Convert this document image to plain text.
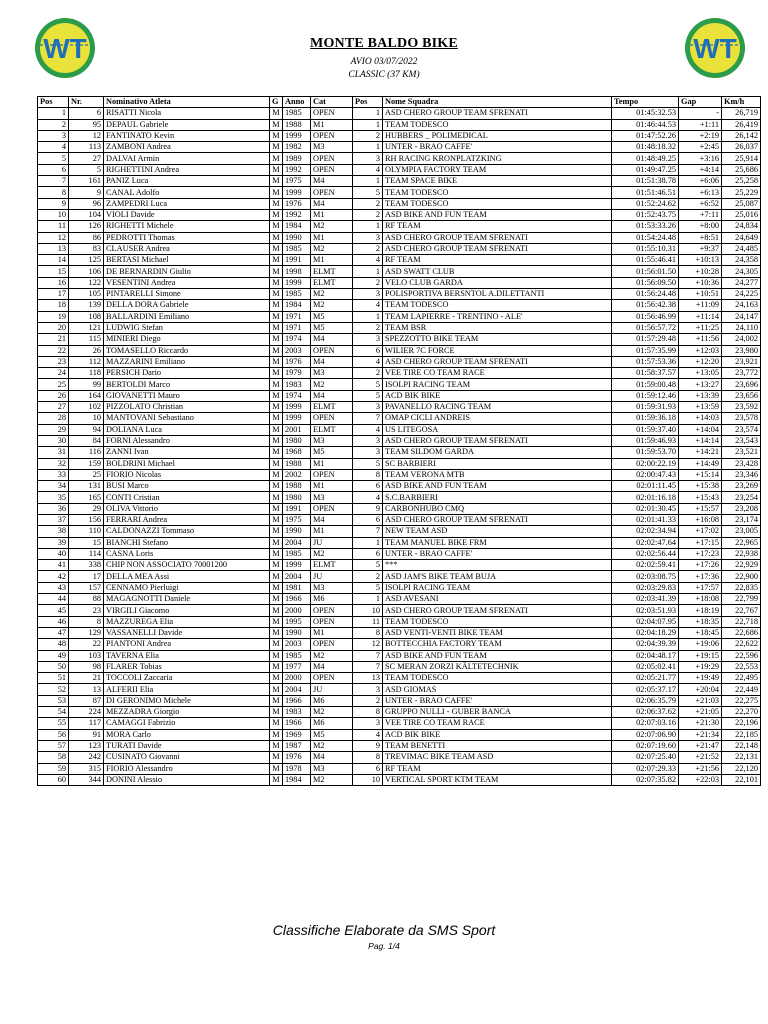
WT	WT
MONTE BALDO BIKE
AVIO 03/07/2022
CLASSIC (37 KM)
Pos	Nr.	Nominativo Atleta	G	Anno	Cat	Pos	Nome Squadra	Tempo	Gap	Km/h
1	6	RISATTI Nicola	M	1985	OPEN	1	ASD CHERO GROUP TEAM SFRENATI	01:45:32.53	-	26,719
2	95	DEPAUL Gabriele	M	1988	M1	1	TEAM TODESCO	01:46:44.53	+1:11	26,419
3	12	FANTINATO Kevin	M	1999	OPEN	2	HUBBERS _ POLIMEDICAL	01:47:52.26	+2:19	26,142
4	113	ZAMBONI Andrea	M	1982	M3	1	UNTER - BRAO CAFFE'	01:48:18.32	+2:45	26,037
5	27	DALVAI Armin	M	1989	OPEN	3	RH RACING KRONPLATZKING	01:48:49.25	+3:16	25,914
6	5	RIGHETTINI Andrea	M	1992	OPEN	4	OLYMPIA FACTORY TEAM	01:49:47.25	+4:14	25,686
7	161	PANIZ Luca	M	1975	M4	1	TEAM SPACE BIKE	01:51:38.78	+6:06	25,258
8	9	CANAL Adolfo	M	1999	OPEN	5	TEAM TODESCO	01:51:46.51	+6:13	25,229
9	96	ZAMPEDRI Luca	M	1976	M4	2	TEAM TODESCO	01:52:24.62	+6:52	25,087
10	104	VIOLI Davide	M	1992	M1	2	ASD BIKE AND FUN TEAM	01:52:43.75	+7:11	25,016
11	126	RIGHETTI Michele	M	1984	M2	1	RF TEAM	01:53:33.26	+8:00	24,834
12	86	PEDROTTI Thomas	M	1990	M1	3	ASD CHERO GROUP TEAM SFRENATI	01:54:24.48	+8:51	24,649
13	83	CLAUSER Andrea	M	1985	M2	2	ASD CHERO GROUP TEAM SFRENATI	01:55:10.31	+9:37	24,485
14	125	BERTASI Michael	M	1991	M1	4	RF TEAM	01:55:46.41	+10:13	24,358
15	106	DE BERNARDIN Giulio	M	1998	ELMT	1	ASD SWATT CLUB	01:56:01.50	+10:28	24,305
16	122	VESENTINI Andrea	M	1999	ELMT	2	VELO CLUB GARDA	01:56:09.50	+10:36	24,277
17	105	PINTARELLI Simone	M	1985	M2	3	POLISPORTIVA BERSNTOL A.DILETTANTI	01:56:24.48	+10:51	24,225
18	139	DELLA DORA Gabriele	M	1984	M2	4	TEAM TODESCO	01:56:42.38	+11:09	24,163
19	108	BALLARDINI Emiliano	M	1971	M5	1	TEAM LAPIERRE - TRENTINO - ALE'	01:56:46.99	+11:14	24,147
20	121	LUDWIG Stefan	M	1971	M5	2	TEAM BSR	01:56:57.72	+11:25	24,110
21	115	MINIERI Diego	M	1974	M4	3	SPEZZOTTO BIKE TEAM	01:57:29.48	+11:56	24,002
22	26	TOMASELLO Riccardo	M	2003	OPEN	6	WILIER 7C FORCE	01:57:35.99	+12:03	23,980
23	112	MAZZARINI Emiliano	M	1976	M4	4	ASD CHERO GROUP TEAM SFRENATI	01:57:53.36	+12:20	23,921
24	118	PERSICH Dario	M	1979	M3	2	VEE TIRE CO TEAM RACE	01:58:37.57	+13:05	23,772
25	99	BERTOLDI Marco	M	1983	M2	5	ISOLPI RACING TEAM	01:59:00.48	+13:27	23,696
26	164	GIOVANETTI Mauro	M	1974	M4	5	ACD BIK BIKE	01:59:12.46	+13:39	23,656
27	102	PIZZOLATO Christian	M	1999	ELMT	3	PAVANELLO RACING TEAM	01:59:31.93	+13:59	23,592
28	10	MANTOVANI Sebastiano	M	1999	OPEN	7	OMAP CICLI ANDREIS	01:59:36.18	+14:03	23,578
29	94	DOLIANA Luca	M	2001	ELMT	4	US LITEGOSA	01:59:37.40	+14:04	23,574
30	84	FORNI Alessandro	M	1980	M3	3	ASD CHERO GROUP TEAM SFRENATI	01:59:46.93	+14:14	23,543
31	116	ZANNI Ivan	M	1968	M5	3	TEAM SILDOM GARDA	01:59:53.70	+14:21	23,521
32	159	BOLDRINI Michael	M	1988	M1	5	SC BARBIERI	02:00:22.19	+14:49	23,428
33	25	FIORIO Nicolas	M	2002	OPEN	8	TEAM VERONA MTB	02:00:47.43	+15:14	23,346
34	131	BUSI Marco	M	1988	M1	6	ASD BIKE AND FUN TEAM	02:01:11.45	+15:38	23,269
35	165	CONTI Cristian	M	1980	M3	4	S.C.BARBIERI	02:01:16.18	+15:43	23,254
36	29	OLIVA Vittorio	M	1991	OPEN	9	CARBONHUBO CMQ	02:01:30.45	+15:57	23,208
37	156	FERRARI Andrea	M	1975	M4	6	ASD CHERO GROUP TEAM SFRENATI	02:01:41.33	+16:08	23,174
38	110	CALDONAZZI Tommaso	M	1990	M1	7	NEW TEAM ASD	02:02:34.94	+17:02	23,005
39	15	BIANCHI Stefano	M	2004	JU	1	TEAM MANUEL BIKE FRM	02:02:47.64	+17:15	22,965
40	114	CASNA Loris	M	1985	M2	6	UNTER - BRAO CAFFE'	02:02:56.44	+17:23	22,938
41	338	CHIP NON ASSOCIATO 70001200	M	1999	ELMT	5	***	02:02:59.41	+17:26	22,929
42	17	DELLA MEA Assi	M	2004	JU	2	ASD JAM'S BIKE TEAM BUJA	02:03:08.75	+17:36	22,900
43	157	CENNAMO Pierluigi	M	1981	M3	5	ISOLPI RACING TEAM	02:03:29.83	+17:57	22,835
44	88	MAGAGNOTTI Daniele	M	1966	M6	1	ASD AVESANI	02:03:41.39	+18:08	22,799
45	23	VIRGILI Giacomo	M	2000	OPEN	10	ASD CHERO GROUP TEAM SFRENATI	02:03:51.93	+18:19	22,767
46	8	MAZZUREGA Elia	M	1995	OPEN	11	TEAM TODESCO	02:04:07.95	+18:35	22,718
47	129	VASSANELLI Davide	M	1990	M1	8	ASD VENTI-VENTI BIKE TEAM	02:04:18.29	+18:45	22,686
48	22	PIANTONI Andrea	M	2003	OPEN	12	BOTTECCHIA FACTORY TEAM	02:04:39.39	+19:06	22,622
49	103	TAVERNA Elia	M	1985	M2	7	ASD BIKE AND FUN TEAM	02:04:48.17	+19:15	22,596
50	98	FLARER Tobias	M	1977	M4	7	SC MERAN ZORZI KÄLTETECHNIK	02:05:02.41	+19:29	22,553
51	21	TOCCOLI Zaccaria	M	2000	OPEN	13	TEAM TODESCO	02:05:21.77	+19:49	22,495
52	13	ALFERII Elia	M	2004	JU	3	ASD GIOMAS	02:05:37.17	+20:04	22,449
53	87	DI GERONIMO Michele	M	1966	M6	2	UNTER - BRAO CAFFE'	02:06:35.79	+21:03	22,275
54	224	MEZZADRA Giorgio	M	1983	M2	8	GRUPPO NULLI - GUBER BANCA	02:06:37.62	+21:05	22,270
55	117	CAMAGGI Fabrizio	M	1966	M6	3	VEE TIRE CO TEAM RACE	02:07:03.16	+21:30	22,196
56	91	MORA Carlo	M	1969	M5	4	ACD BIK BIKE	02:07:06.90	+21:34	22,185
57	123	TURATI Davide	M	1987	M2	9	TEAM BENETTI	02:07:19.60	+21:47	22,148
58	242	CUSINATO Giovanni	M	1976	M4	8	TREVIMAC BIKE TEAM ASD	02:07:25.40	+21:52	22,131
59	315	FIORIO Alessandro	M	1978	M3	6	RF TEAM	02:07:29.33	+21:56	22,120
60	344	DONINI Alessio	M	1984	M2	10	VERTICAL SPORT KTM TEAM	02:07:35.82	+22:03	22,101
Classifiche Elaborate da SMS Sport
Pag. 1/4
